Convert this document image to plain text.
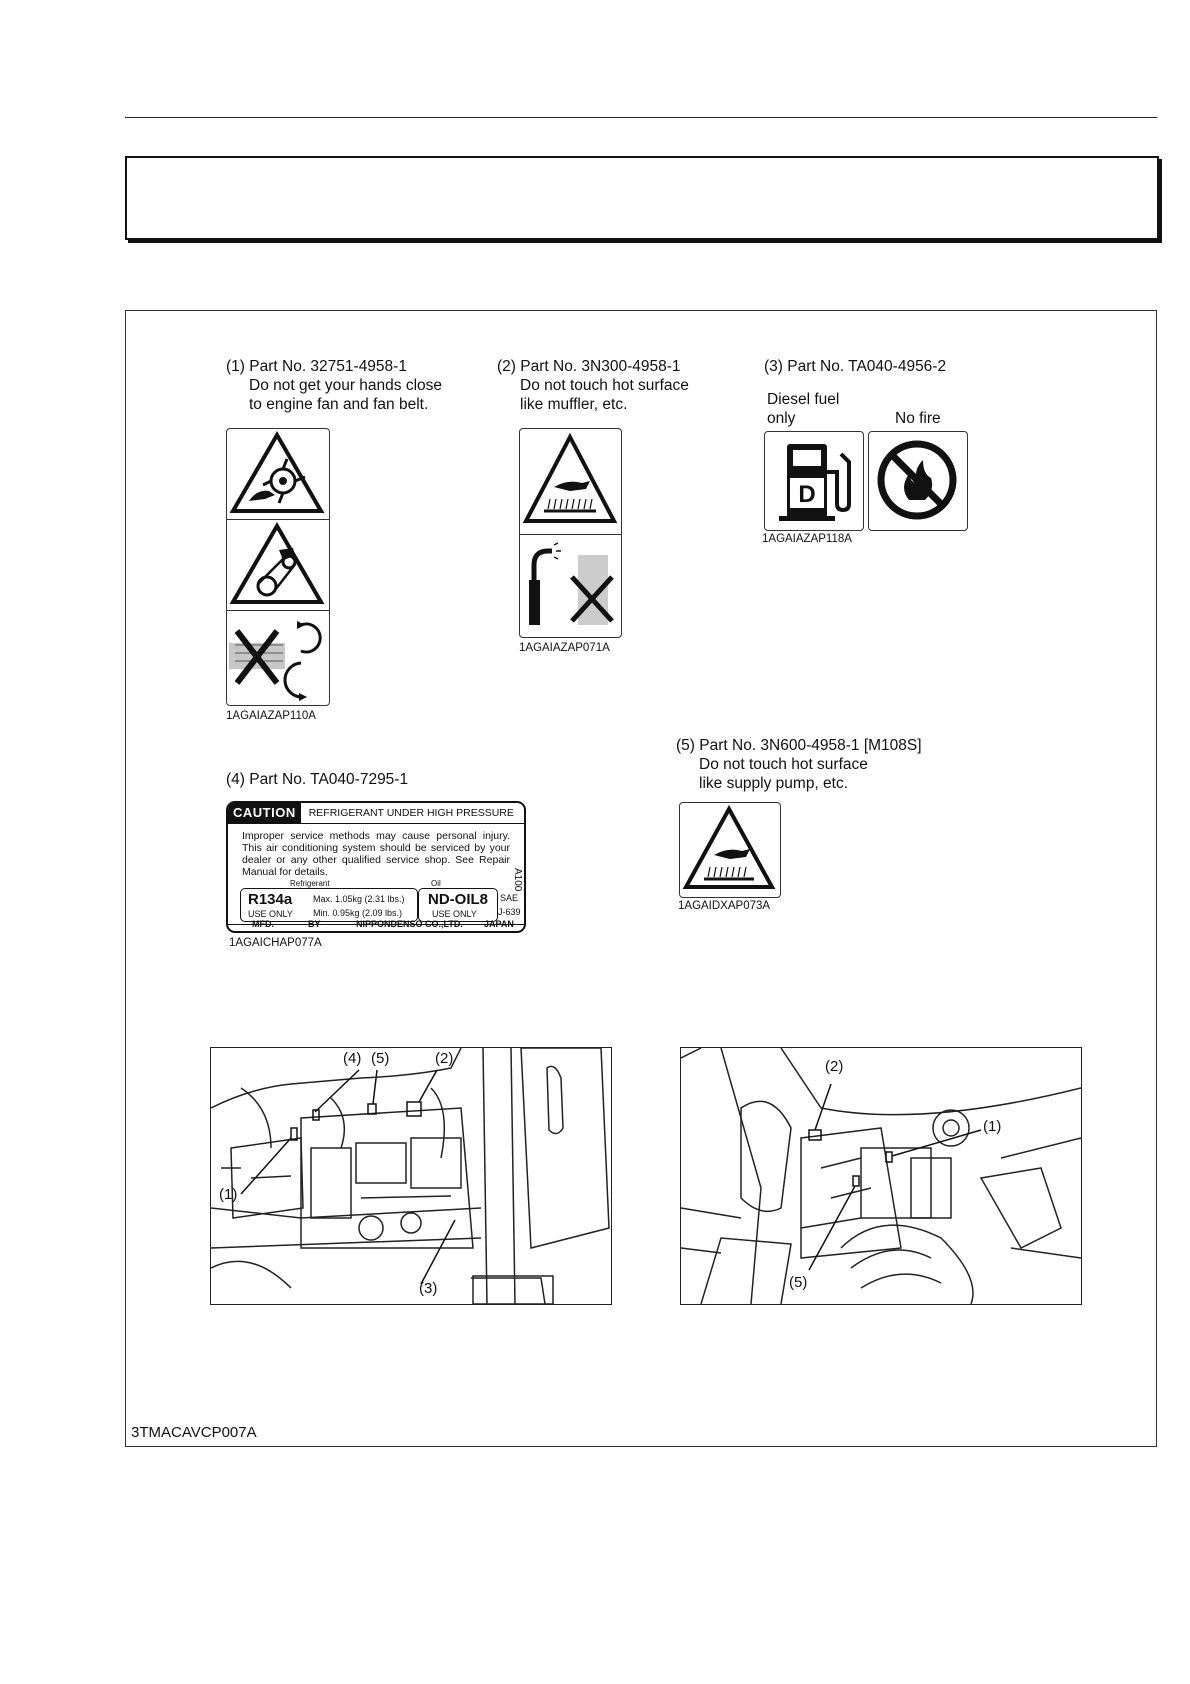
(1) Part No. 32751-4958-1
Do not get your hands close
to engine fan and fan belt.
1AGAIAZAP110A
(2) Part No. 3N300-4958-1
Do not touch hot surface
like muffler, etc.
1AGAIAZAP071A
(3) Part No. TA040-4956-2
Diesel fuel
only	No fire
D
1AGAIAZAP118A
(4) Part No. TA040-7295-1
CAUTION	REFRIGERANT UNDER HIGH PRESSURE
Improper service methods may cause personal injury. This air conditioning system should be serviced by your dealer or any other qualified service shop. See Repair Manual for details.
Refrigerant	Oil
R134a
USE ONLY
Max. 1.05kg (2.31 lbs.)
Min. 0.95kg (2.09 lbs.)
ND-OIL8
USE ONLY
SAE
J-639
MFD.	BY	NIPPONDENSO CO.,LTD. JAPAN
A100
1AGAICHAP077A
(5) Part No. 3N600-4958-1 [M108S]
Do not touch hot surface
like supply pump, etc.
1AGAIDXAP073A
(4) (5)	(2)
(1)
(3)
(2)
(1)
(5)
3TMACAVCP007A
